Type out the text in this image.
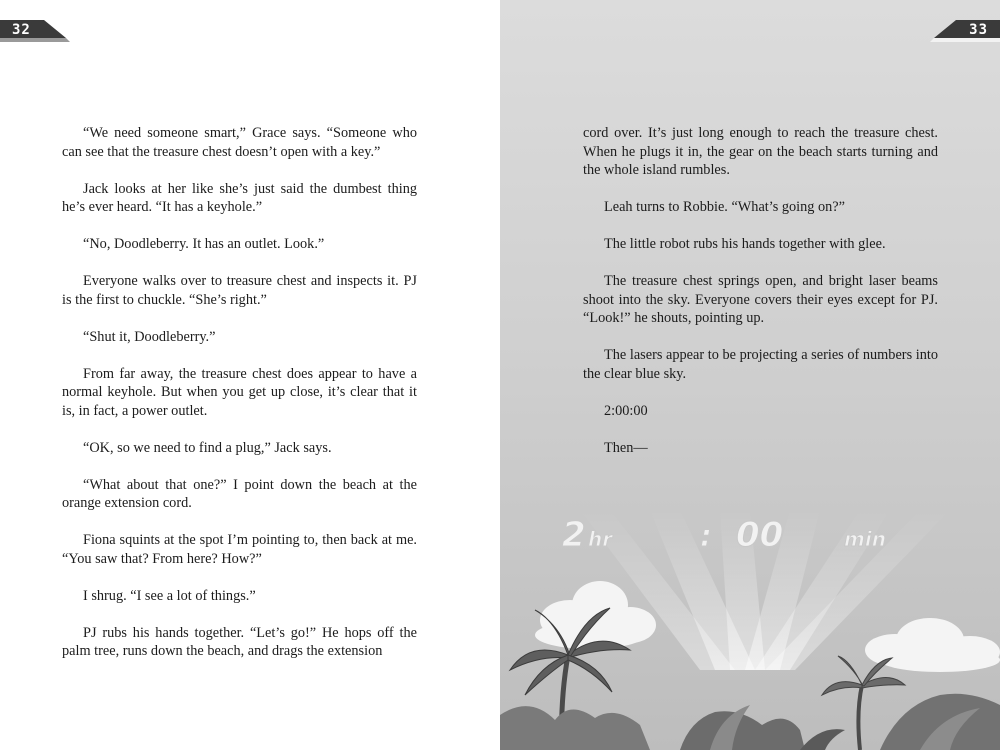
32

“We need someone smart,” Grace says. “Someone who can see that the treasure chest doesn’t open with a key.”

Jack looks at her like she’s just said the dumbest thing he’s ever heard. “It has a keyhole.”

“No, Doodleberry. It has an outlet. Look.”

Everyone walks over to treasure chest and inspects it. PJ is the first to chuckle. “She’s right.”

“Shut it, Doodleberry.”

From far away, the treasure chest does appear to have a normal keyhole. But when you get up close, it’s clear that it is, in fact, a power outlet.

“OK, so we need to find a plug,” Jack says.

“What about that one?” I point down the beach at the orange extension cord.

Fiona squints at the spot I’m pointing to, then back at me. “You saw that? From here? How?”

I shrug. “I see a lot of things.”

PJ rubs his hands together. “Let’s go!” He hops off the palm tree, runs down the beach, and drags the extension

33

cord over. It’s just long enough to reach the treasure chest. When he plugs it in, the gear on the beach starts turning and the whole island rumbles.

Leah turns to Robbie. “What’s going on?”

The little robot rubs his hands together with glee.

The treasure chest springs open, and bright laser beams shoot into the sky. Everyone covers their eyes except for PJ. “Look!” he shouts, pointing up.

The lasers appear to be projecting a series of numbers into the clear blue sky.

2:00:00

Then—

2 hr	: 00	min
